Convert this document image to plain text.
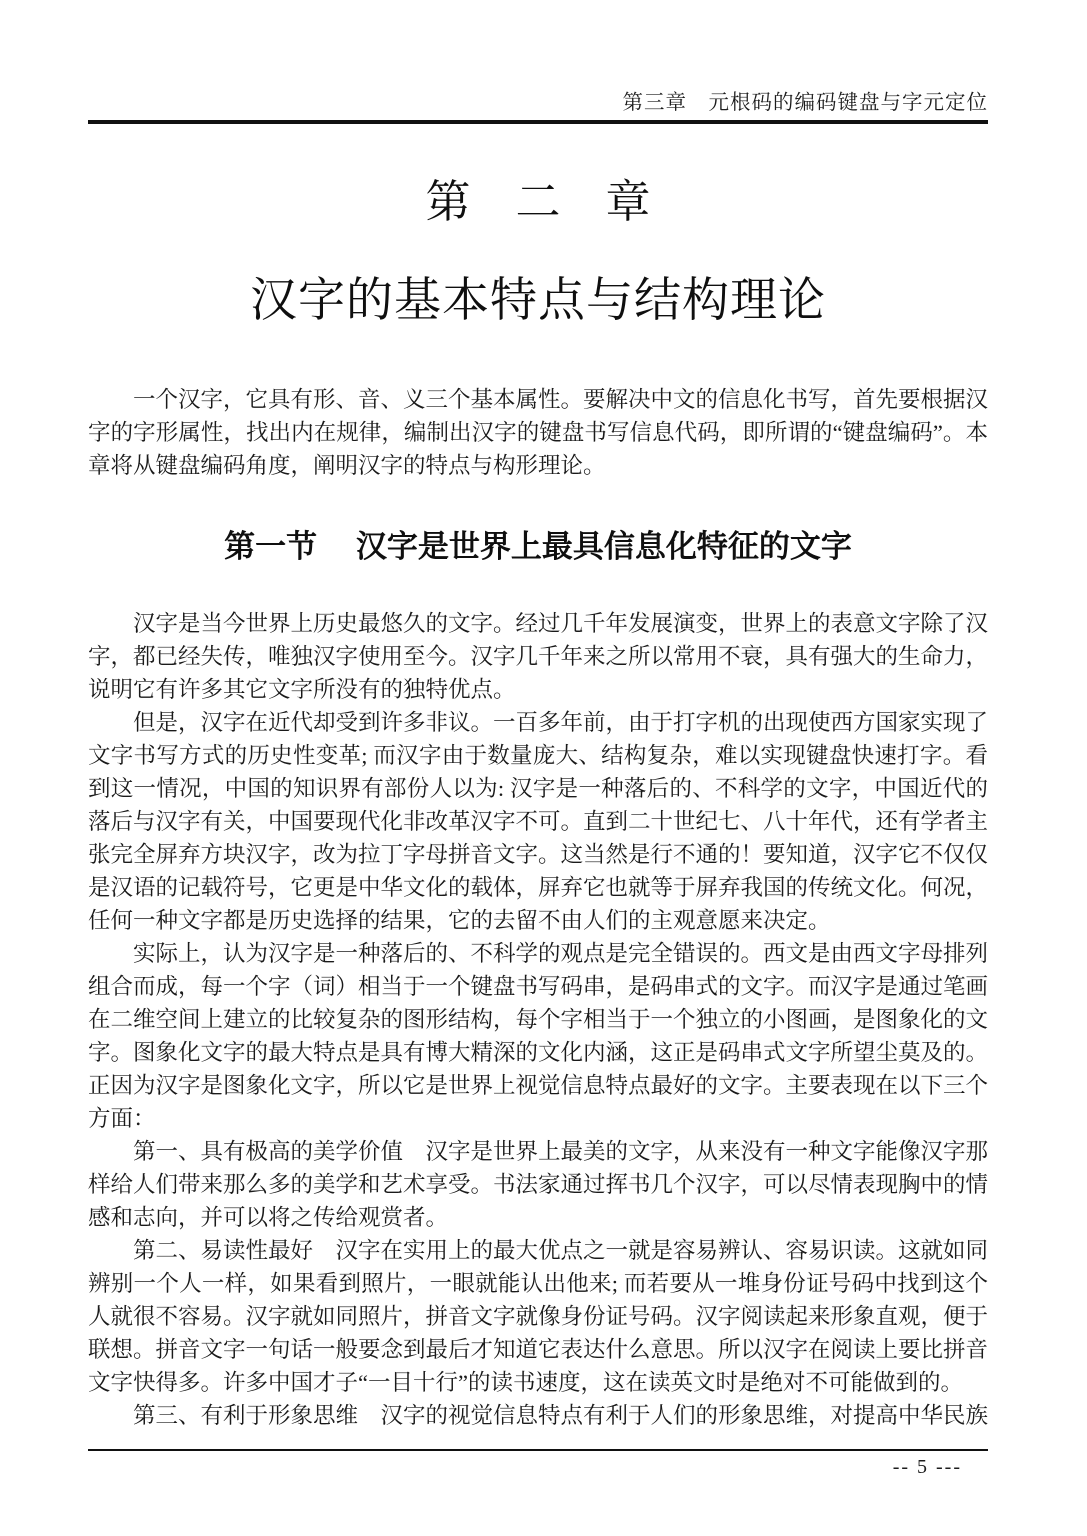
第三章　元根码的编码键盘与字元定位
第　二　章
汉字的基本特点与结构理论

一个汉字，它具有形、音、义三个基本属性。要解决中文的信息化书写，首先要根据汉字的字形属性，找出内在规律，编制出汉字的键盘书写信息代码，即所谓的“键盘编码”。本章将从键盘编码角度，阐明汉字的特点与构形理论。

第一节　 汉字是世界上最具信息化特征的文字

汉字是当今世界上历史最悠久的文字。经过几千年发展演变，世界上的表意文字除了汉字，都已经失传，唯独汉字使用至今。汉字几千年来之所以常用不衰，具有强大的生命力，说明它有许多其它文字所没有的独特优点。

但是，汉字在近代却受到许多非议。一百多年前，由于打字机的出现使西方国家实现了文字书写方式的历史性变革; 而汉字由于数量庞大、结构复杂，难以实现键盘快速打字。看到这一情况，中国的知识界有部份人以为: 汉字是一种落后的、不科学的文字，中国近代的落后与汉字有关，中国要现代化非改革汉字不可。直到二十世纪七、八十年代，还有学者主张完全屏弃方块汉字，改为拉丁字母拼音文字。这当然是行不通的！要知道，汉字它不仅仅是汉语的记载符号，它更是中华文化的载体，屏弃它也就等于屏弃我国的传统文化。何况，任何一种文字都是历史选择的结果，它的去留不由人们的主观意愿来决定。

实际上，认为汉字是一种落后的、不科学的观点是完全错误的。西文是由西文字母排列组合而成，每一个字（词）相当于一个键盘书写码串，是码串式的文字。而汉字是通过笔画在二维空间上建立的比较复杂的图形结构，每个字相当于一个独立的小图画，是图象化的文字。图象化文字的最大特点是具有博大精深的文化内涵，这正是码串式文字所望尘莫及的。正因为汉字是图象化文字，所以它是世界上视觉信息特点最好的文字。主要表现在以下三个方面：

第一、具有极高的美学价值　汉字是世界上最美的文字，从来没有一种文字能像汉字那样给人们带来那么多的美学和艺术享受。书法家通过挥书几个汉字，可以尽情表现胸中的情感和志向，并可以将之传给观赏者。

第二、易读性最好　汉字在实用上的最大优点之一就是容易辨认、容易识读。这就如同辨别一个人一样，如果看到照片，一眼就能认出他来; 而若要从一堆身份证号码中找到这个人就很不容易。汉字就如同照片，拼音文字就像身份证号码。汉字阅读起来形象直观，便于联想。拼音文字一句话一般要念到最后才知道它表达什么意思。所以汉字在阅读上要比拼音文字快得多。许多中国才子“一目十行”的读书速度，这在读英文时是绝对不可能做到的。

第三、有利于形象思维　汉字的视觉信息特点有利于人们的形象思维，对提高中华民族

-- 5 ---
